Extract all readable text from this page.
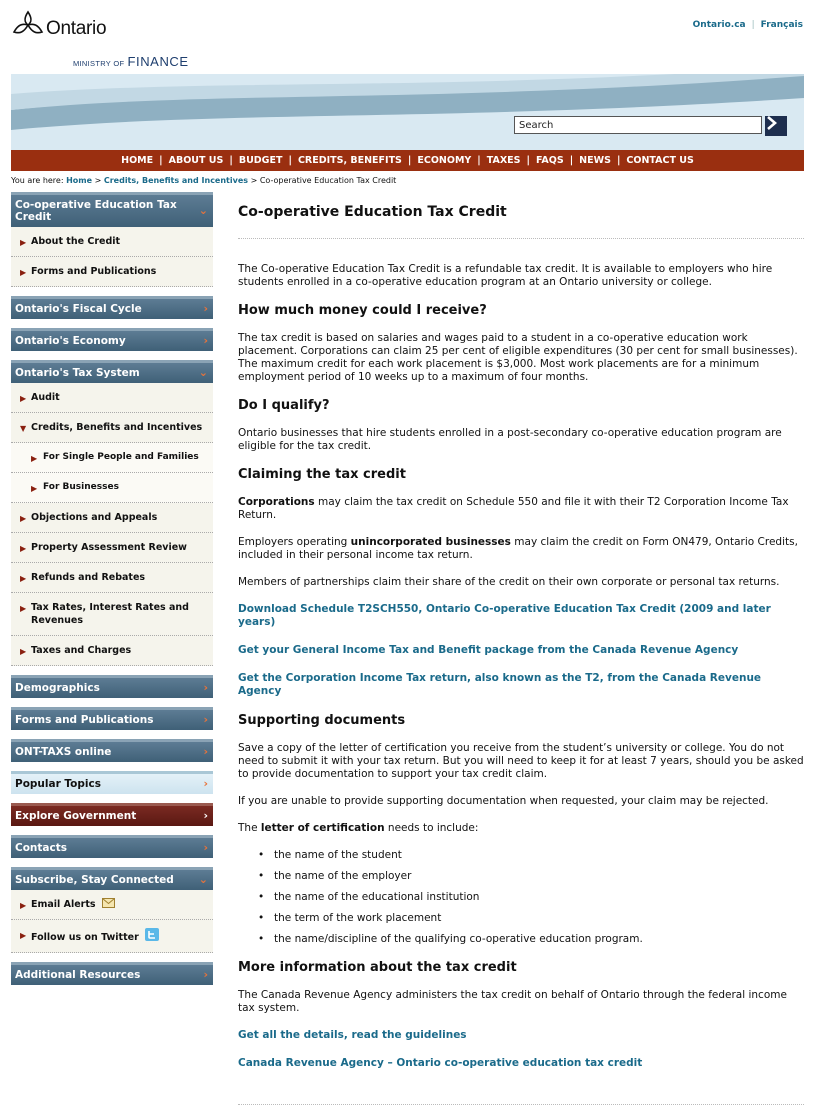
Ontario
MINISTRY OF FINANCE
Ontario.ca | Français
Search
HOME | ABOUT US | BUDGET | CREDITS, BENEFITS | ECONOMY | TAXES | FAQS | NEWS | CONTACT US
You are here: Home > Credits, Benefits and Incentives > Co-operative Education Tax Credit
Co-operative Education Tax Credit	⌄
▶ About the Credit
▶ Forms and Publications
Ontario's Fiscal Cycle	›
Ontario's Economy	›
Ontario's Tax System	⌄
▶ Audit
▼ Credits, Benefits and Incentives
▶ For Single People and Families
▶ For Businesses
▶ Objections and Appeals
▶ Property Assessment Review
▶ Refunds and Rebates
▶ Tax Rates, Interest Rates and Revenues
▶ Taxes and Charges
Demographics	›
Forms and Publications	›
ONT-TAXS online	›
Popular Topics	›
Explore Government	›
Contacts	›
Subscribe, Stay Connected ⌄
▶ Email Alerts
▶ Follow us on Twitter
Additional Resources	›
Co-operative Education Tax Credit

The Co-operative Education Tax Credit is a refundable tax credit. It is available to employers who hire students enrolled in a co-operative education program at an Ontario university or college.

How much money could I receive?

The tax credit is based on salaries and wages paid to a student in a co-operative education work placement. Corporations can claim 25 per cent of eligible expenditures (30 per cent for small businesses). The maximum credit for each work placement is $3,000. Most work placements are for a minimum employment period of 10 weeks up to a maximum of four months.

Do I qualify?

Ontario businesses that hire students enrolled in a post-secondary co-operative education program are eligible for the tax credit.

Claiming the tax credit

Corporations may claim the tax credit on Schedule 550 and file it with their T2 Corporation Income Tax Return.

Employers operating unincorporated businesses may claim the credit on Form ON479, Ontario Credits, included in their personal income tax return.

Members of partnerships claim their share of the credit on their own corporate or personal tax returns.

Download Schedule T2SCH550, Ontario Co-operative Education Tax Credit (2009 and later years)
Get your General Income Tax and Benefit package from the Canada Revenue Agency
Get the Corporation Income Tax return, also known as the T2, from the Canada Revenue Agency
Supporting documents

Save a copy of the letter of certification you receive from the student’s university or college. You do not need to submit it with your tax return. But you will need to keep it for at least 7 years, should you be asked to provide documentation to support your tax credit claim.

If you are unable to provide supporting documentation when requested, your claim may be rejected.

The letter of certification needs to include:

• the name of the student
• the name of the employer
• the name of the educational institution
• the term of the work placement
• the name/discipline of the qualifying co-operative education program.
More information about the tax credit

The Canada Revenue Agency administers the tax credit on behalf of Ontario through the federal income tax system.

Get all the details, read the guidelines
Canada Revenue Agency – Ontario co-operative education tax credit
